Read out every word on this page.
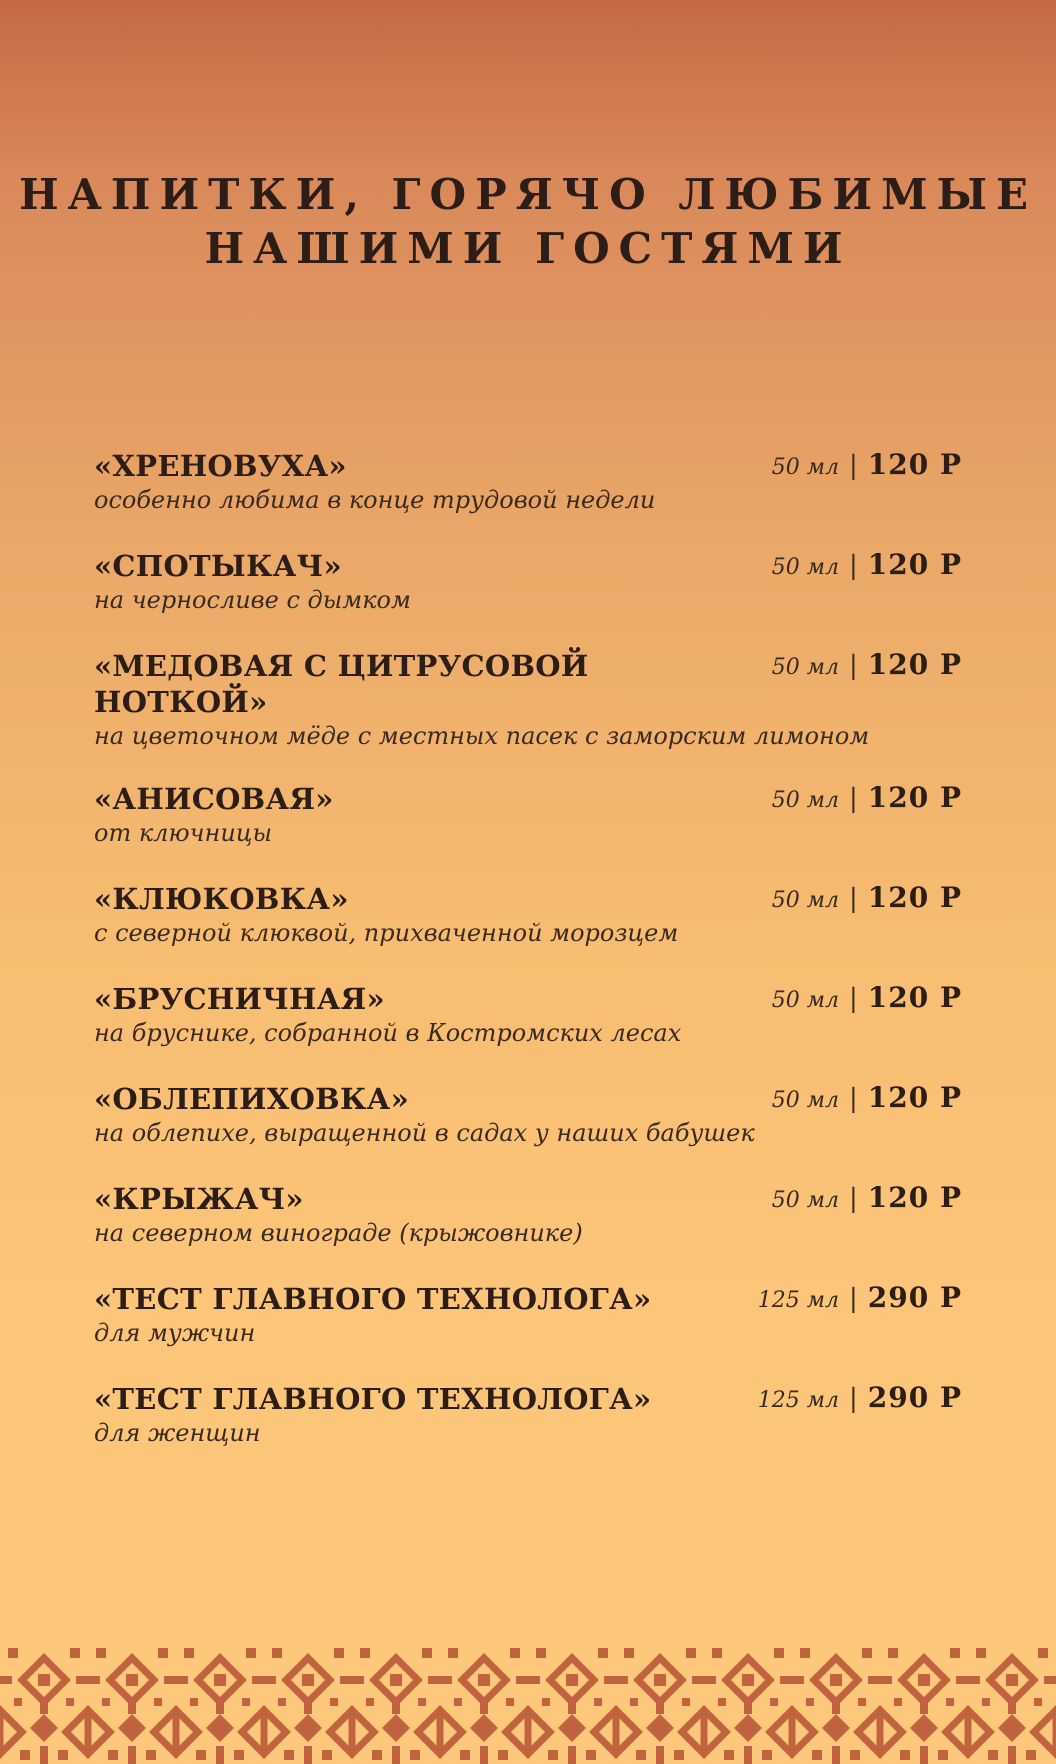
НАПИТКИ, ГОРЯЧО ЛЮБИМЫЕ
НАШИМИ ГОСТЯМИ
«ХРЕНОВУХА»
особенно любима в конце трудовой недели
50 мл | 120 Р
«СПОТЫКАЧ»
на черносливе с дымком
50 мл | 120 Р
«МЕДОВАЯ С ЦИТРУСОВОЙ НОТКОЙ»
на цветочном мёде с местных пасек с заморским лимоном
50 мл | 120 Р
«АНИСОВАЯ»
от ключницы
50 мл | 120 Р
«КЛЮКОВКА»
с северной клюквой, прихваченной морозцем
50 мл | 120 Р
«БРУСНИЧНАЯ»
на бруснике, собранной в Костромских лесах
50 мл | 120 Р
«ОБЛЕПИХОВКА»
на облепихе, выращенной в садах у наших бабушек
50 мл | 120 Р
«КРЫЖАЧ»
на северном винограде (крыжовнике)
50 мл | 120 Р
«ТЕСТ ГЛАВНОГО ТЕХНОЛОГА»
для мужчин
125 мл | 290 Р
«ТЕСТ ГЛАВНОГО ТЕХНОЛОГА»
для женщин
125 мл | 290 Р
